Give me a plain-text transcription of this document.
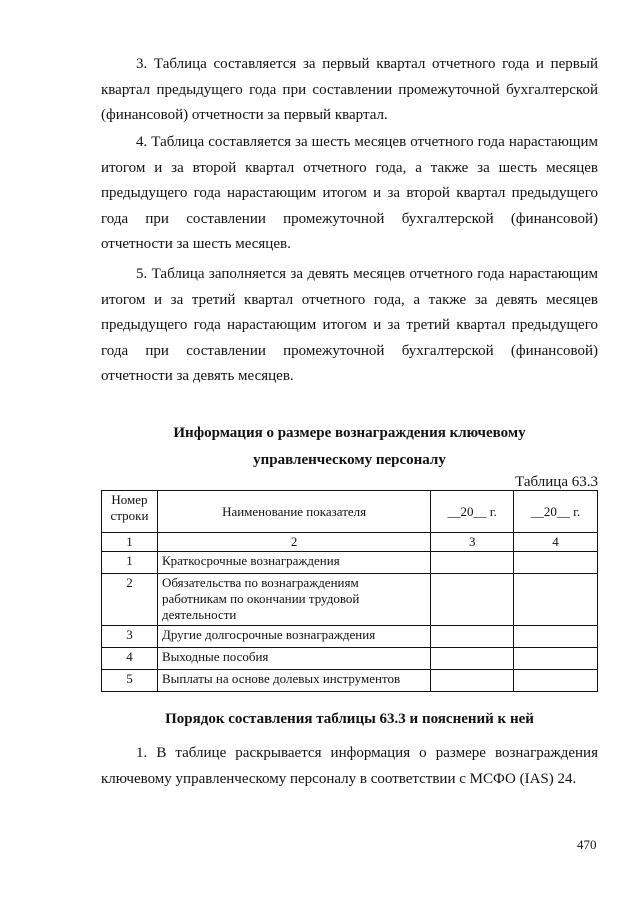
3. Таблица составляется за первый квартал отчетного года и первый
квартал предыдущего года при составлении промежуточной бухгалтерской
(финансовой) отчетности за первый квартал.
4. Таблица составляется за шесть месяцев отчетного года нарастающим
итогом и за второй квартал отчетного года, а также за шесть месяцев
предыдущего года нарастающим итогом и за второй квартал предыдущего
года при составлении промежуточной бухгалтерской (финансовой)
отчетности за шесть месяцев.
5. Таблица заполняется за девять месяцев отчетного года нарастающим
итогом и за третий квартал отчетного года, а также за девять месяцев
предыдущего года нарастающим итогом и за третий квартал предыдущего
года при составлении промежуточной бухгалтерской (финансовой)
отчетности за девять месяцев.

Информация о размере вознаграждения ключевому

управленческому персоналу

Таблица 63.3
Номер строки	Наименование показателя	__20__ г.	__20__ г.
1	2	3	4
1	Краткосрочные вознаграждения		
2	Обязательства по вознаграждениям работникам по окончании трудовой деятельности		
3	Другие долгосрочные вознаграждения		
4	Выходные пособия		
5	Выплаты на основе долевых инструментов		

Порядок составления таблицы 63.3 и пояснений к ней

1. В таблице раскрывается информация о размере вознаграждения
ключевому управленческому персоналу в соответствии с МСФО (IAS) 24.
470
